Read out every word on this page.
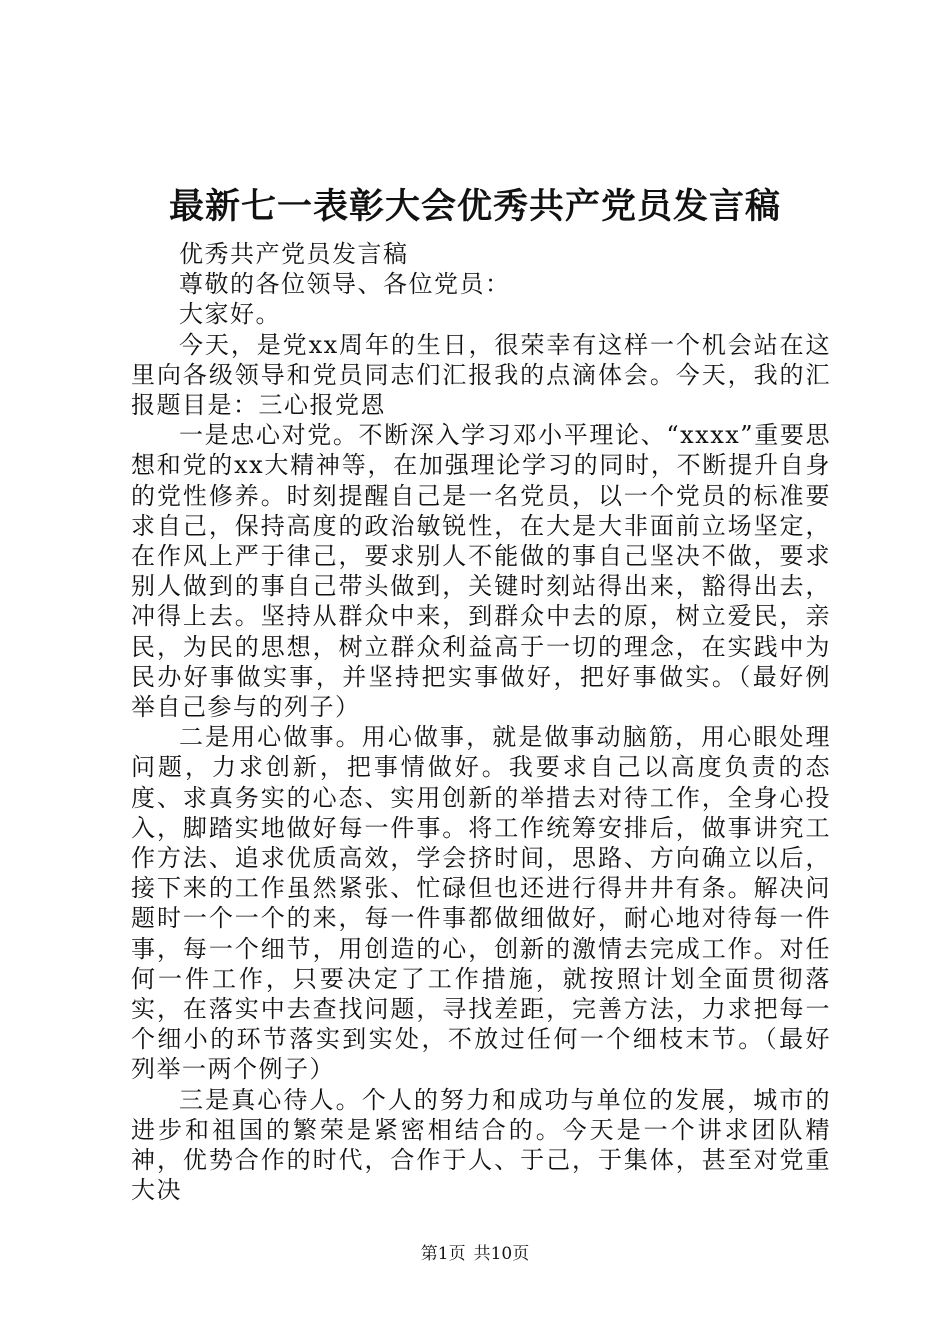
最新七一表彰大会优秀共产党员发言稿

优秀共产党员发言稿

尊敬的各位领导、各位党员：

大家好。

今天，是党xx周年的生日，很荣幸有这样一个机会站在这里向各级领导和党员同志们汇报我的点滴体会。今天，我的汇报题目是：三心报党恩

一是忠心对党。不断深入学习邓小平理论、“xxxx”重要思想和党的xx大精神等，在加强理论学习的同时，不断提升自身的党性修养。时刻提醒自己是一名党员，以一个党员的标准要求自己，保持高度的政治敏锐性，在大是大非面前立场坚定，在作风上严于律己，要求别人不能做的事自己坚决不做，要求别人做到的事自己带头做到，关键时刻站得出来，豁得出去，冲得上去。坚持从群众中来，到群众中去的原，树立爱民，亲民，为民的思想，树立群众利益高于一切的理念，在实践中为民办好事做实事，并坚持把实事做好，把好事做实。（最好例举自己参与的列子）

二是用心做事。用心做事，就是做事动脑筋，用心眼处理问题，力求创新，把事情做好。我要求自己以高度负责的态度、求真务实的心态、实用创新的举措去对待工作，全身心投入，脚踏实地做好每一件事。将工作统筹安排后，做事讲究工作方法、追求优质高效，学会挤时间，思路、方向确立以后，接下来的工作虽然紧张、忙碌但也还进行得井井有条。解决问题时一个一个的来，每一件事都做细做好，耐心地对待每一件事，每一个细节，用创造的心，创新的激情去完成工作。对任何一件工作，只要决定了工作措施，就按照计划全面贯彻落实，在落实中去查找问题，寻找差距，完善方法，力求把每一个细小的环节落实到实处，不放过任何一个细枝末节。（最好列举一两个例子）

三是真心待人。个人的努力和成功与单位的发展，城市的进步和祖国的繁荣是紧密相结合的。今天是一个讲求团队精神，优势合作的时代，合作于人、于己，于集体，甚至对党重大决

第1页 共10页
